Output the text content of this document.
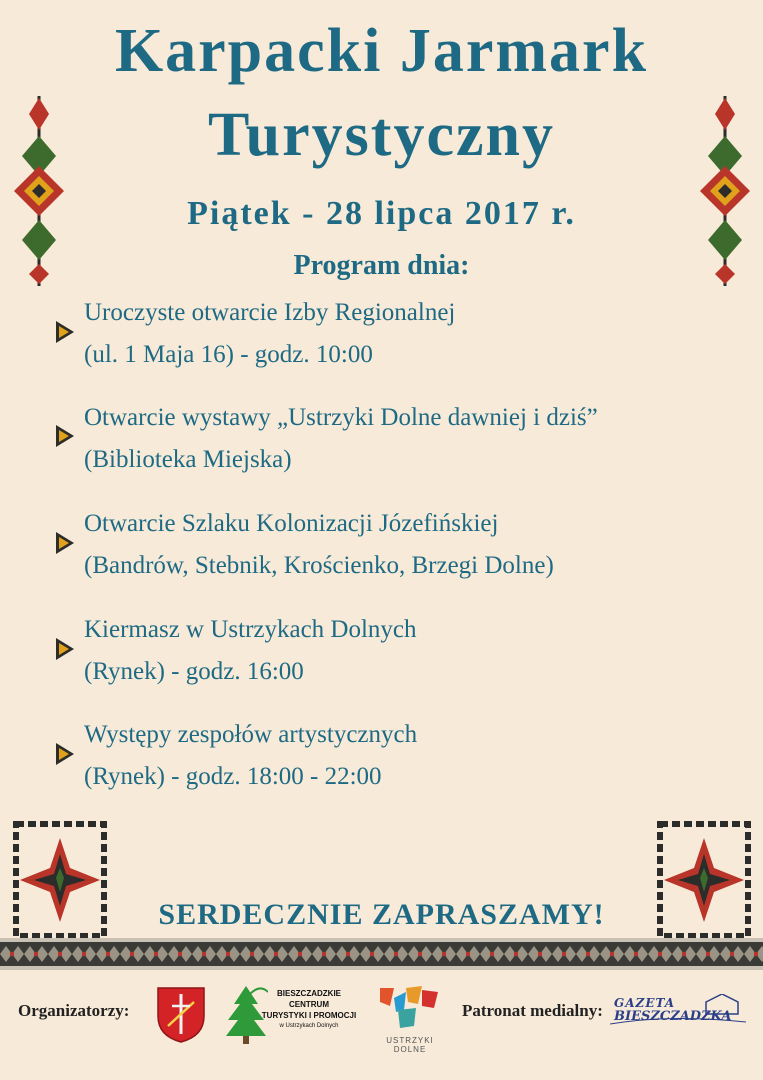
Karpacki Jarmark
Turystyczny
Piątek - 28 lipca 2017 r.
Program dnia:
Uroczyste otwarcie Izby Regionalnej
(ul. 1 Maja 16) - godz. 10:00
Otwarcie wystawy „Ustrzyki Dolne dawniej i dziś”
(Biblioteka Miejska)
Otwarcie Szlaku Kolonizacji Józefińskiej
(Bandrów, Stebnik, Krościenko, Brzegi Dolne)
Kiermasz w Ustrzykach Dolnych
(Rynek) - godz. 16:00
Występy zespołów artystycznych
(Rynek) - godz. 18:00 - 22:00
SERDECZNIE ZAPRASZAMY!
Organizatorzy:
BIESZCZADZKIE
CENTRUM
TURYSTYKI I PROMOCJI
w Ustrzykach Dolnych
USTRZYKI DOLNE
Patronat medialny: GAZETA
BIESZCZADZKA
